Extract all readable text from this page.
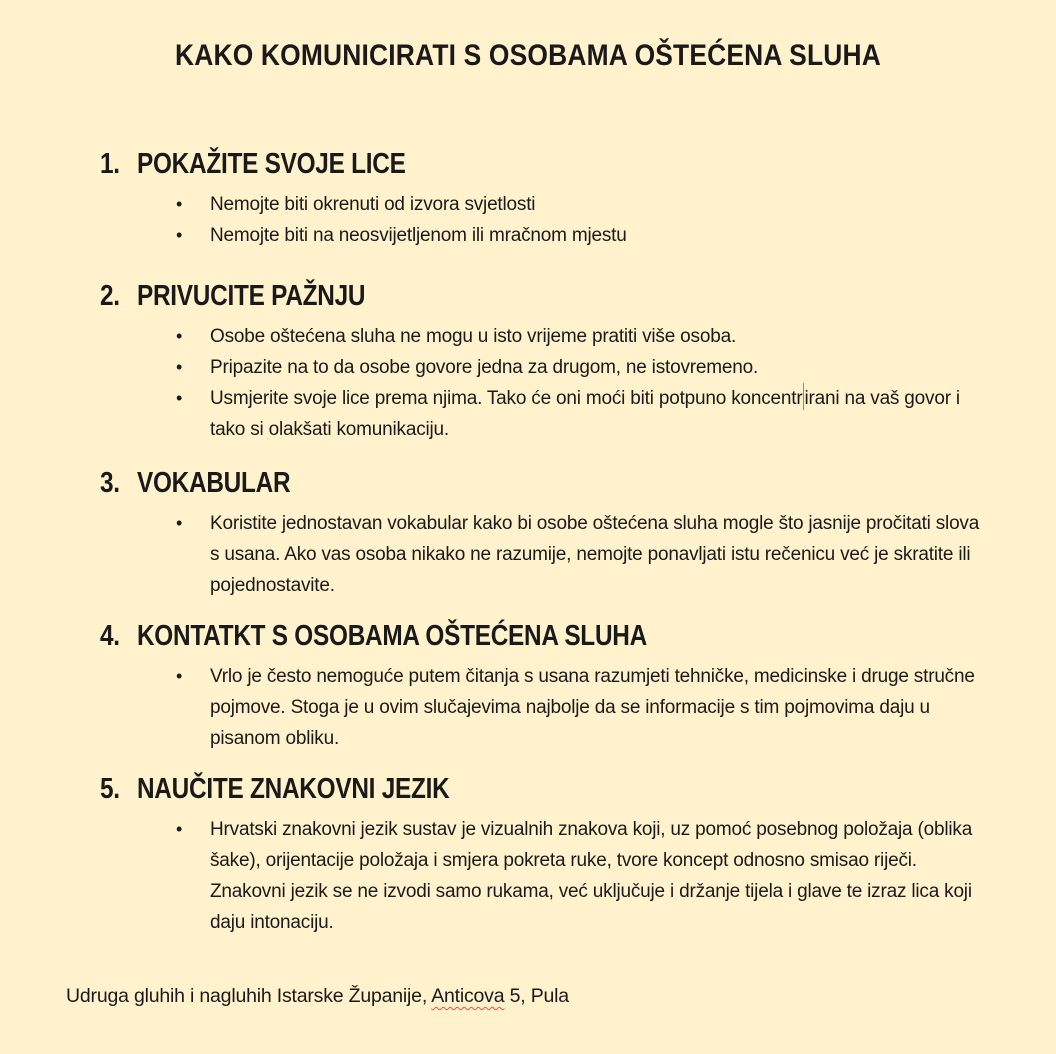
KAKO KOMUNICIRATI S OSOBAMA OŠTEĆENA SLUHA
1. POKAŽITE SVOJE LICE
•	Nemojte biti okrenuti od izvora svjetlosti
•	Nemojte biti na neosvijetljenom ili mračnom mjestu
2. PRIVUCITE PAŽNJU
•	Osobe oštećena sluha ne mogu u isto vrijeme pratiti više osoba.
•	Pripazite na to da osobe govore jedna za drugom, ne istovremeno.
•	Usmjerite svoje lice prema njima. Tako će oni moći biti potpuno koncentr irani na vaš govor i tako si olakšati komunikaciju.
3. VOKABULAR
•	Koristite jednostavan vokabular kako bi osobe oštećena sluha mogle što jasnije pročitati slova s usana. Ako vas osoba nikako ne razumije, nemojte ponavljati istu rečenicu već je skratite ili pojednostavite.
4. KONTATKT S OSOBAMA OŠTEĆENA SLUHA
•	Vrlo je često nemoguće putem čitanja s usana razumjeti tehničke, medicinske i druge stručne pojmove. Stoga je u ovim slučajevima najbolje da se informacije s tim pojmovima daju u pisanom obliku.
5. NAUČITE ZNAKOVNI JEZIK
•	Hrvatski znakovni jezik sustav je vizualnih znakova koji, uz pomoć posebnog položaja (oblika šake), orijentacije položaja i smjera pokreta ruke, tvore koncept odnosno smisao riječi. Znakovni jezik se ne izvodi samo rukama, već uključuje i držanje tijela i glave te izraz lica koji daju intonaciju.
Udruga gluhih i nagluhih Istarske Županije, Anticova 5, Pula
